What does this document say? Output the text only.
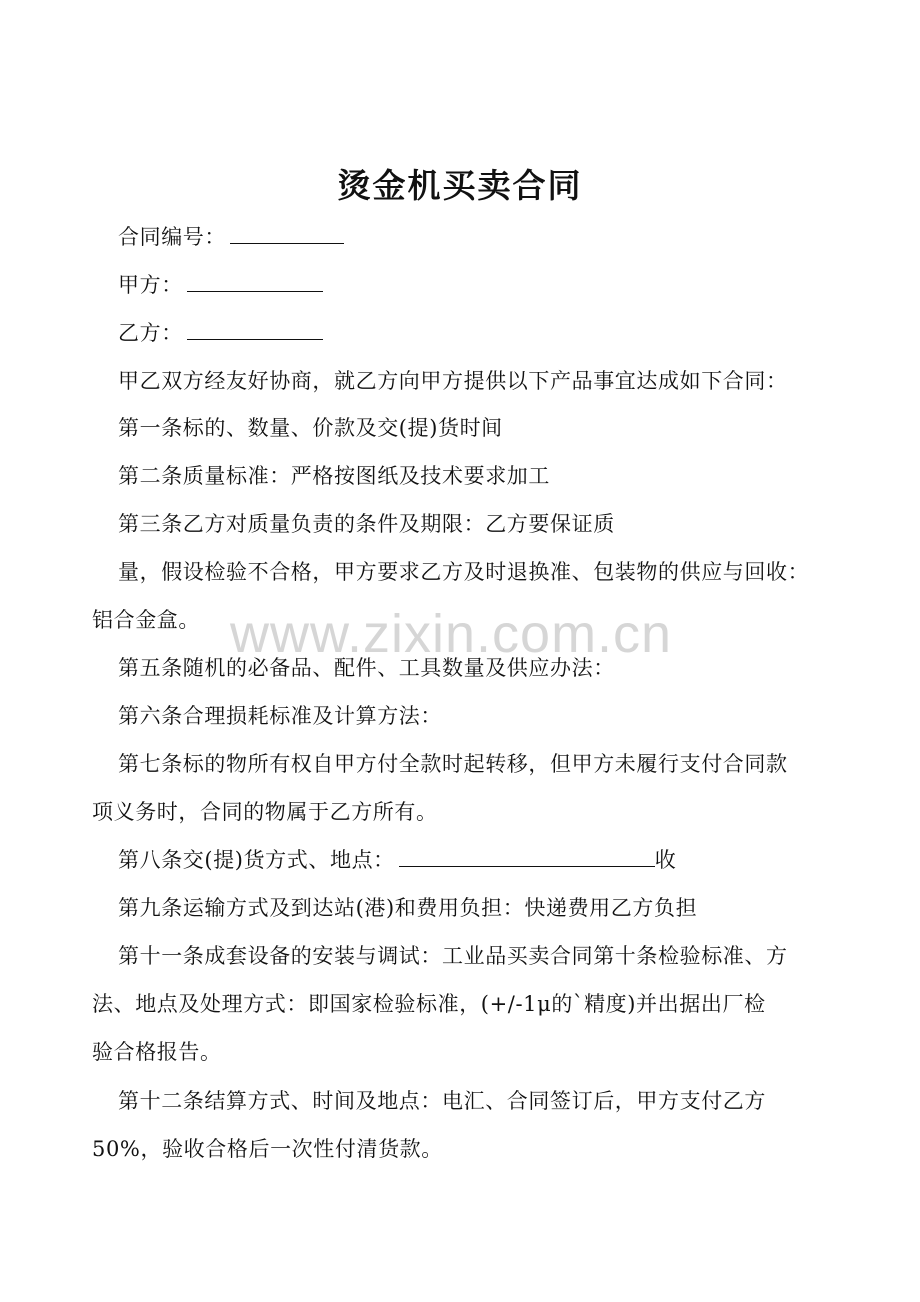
烫金机买卖合同
合同编号：
甲方：
乙方：
甲乙双方经友好协商，就乙方向甲方提供以下产品事宜达成如下合同：
第一条标的、数量、价款及交(提)货时间
第二条质量标准：严格按图纸及技术要求加工
第三条乙方对质量负责的条件及期限：乙方要保证质
量，假设检验不合格，甲方要求乙方及时退换准、包装物的供应与回收：
铝合金盒。 www.zixin.com.cn
第五条随机的必备品、配件、工具数量及供应办法：
第六条合理损耗标准及计算方法：
第七条标的物所有权自甲方付全款时起转移，但甲方未履行支付合同款
项义务时，合同的物属于乙方所有。
第八条交(提)货方式、地点：	收
第九条运输方式及到达站(港)和费用负担：快递费用乙方负担
第十一条成套设备的安装与调试：工业品买卖合同第十条检验标准、方
法、地点及处理方式：即国家检验标准，(+/-1μ的`精度)并出据出厂检
验合格报告。
第十二条结算方式、时间及地点：电汇、合同签订后，甲方支付乙方
50%，验收合格后一次性付清货款。
